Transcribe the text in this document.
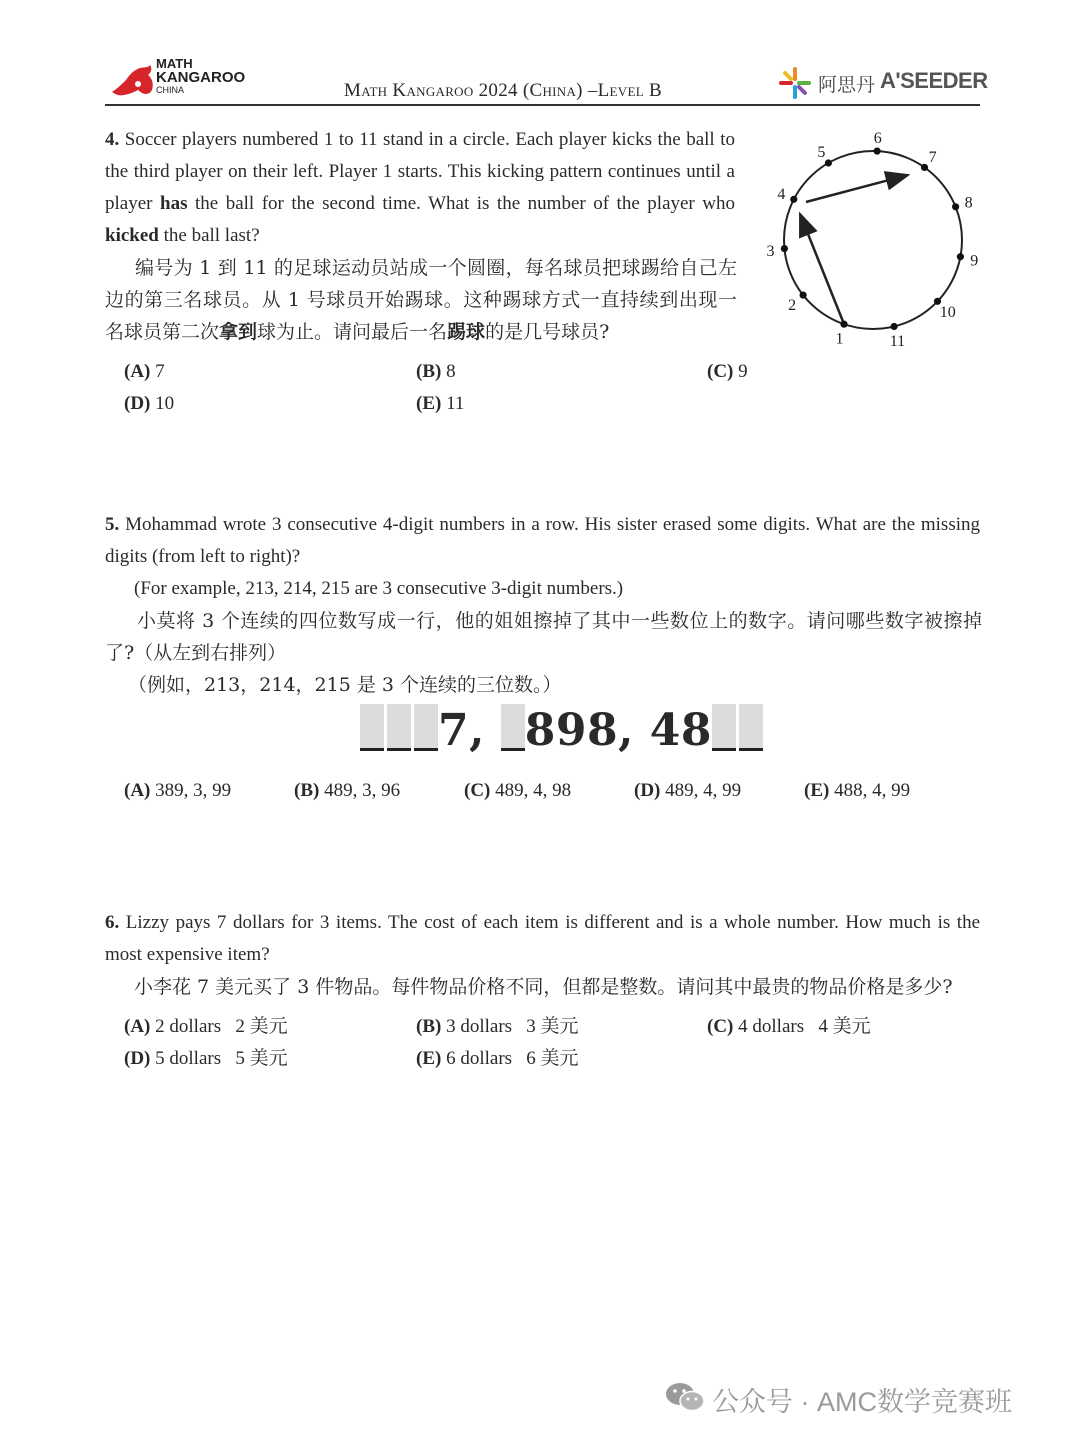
MATH
KANGAROO
CHINA	Math Kangaroo 2024 (China) –Level B	阿思丹 A'SEEDER
4. Soccer players numbered 1 to 11 stand in a circle. Each player kicks the ball to the third player on their left. Player 1 starts. This kicking pattern continues until a player has the ball for the second time. What is the number of the player who kicked the ball last?
编号为 1 到 11 的足球运动员站成一个圆圈，每名球员把球踢给自己左边的第三名球员。从 1 号球员开始踢球。这种踢球方式一直持续到出现一名球员第二次拿到球为止。请问最后一名踢球的是几号球员?
(A) 7	(B) 8	(C) 9
(D) 10	(E) 11
1
2
3
4
5
6
7
8
9
10
11
5. Mohammad wrote 3 consecutive 4-digit numbers in a row. His sister erased some digits. What are the missing digits (from left to right)?
(For example, 213, 214, 215 are 3 consecutive 3-digit numbers.)
小莫将 3 个连续的四位数写成一行，他的姐姐擦掉了其中一些数位上的数字。请问哪些数字被擦掉了?（从左到右排列）
（例如，213，214，215 是 3 个连续的三位数。）
7, 898, 48
(A) 389, 3, 99	(B) 489, 3, 96	(C) 489, 4, 98	(D) 489, 4, 99	(E) 488, 4, 99
6. Lizzy pays 7 dollars for 3 items. The cost of each item is different and is a whole number. How much is the most expensive item?
小李花 7 美元买了 3 件物品。每件物品价格不同，但都是整数。请问其中最贵的物品价格是多少?
(A) 2 dollars   2 美元	(B) 3 dollars   3 美元	(C) 4 dollars   4 美元
(D) 5 dollars   5 美元	(E) 6 dollars   6 美元
公众号 · AMC数学竞赛班
